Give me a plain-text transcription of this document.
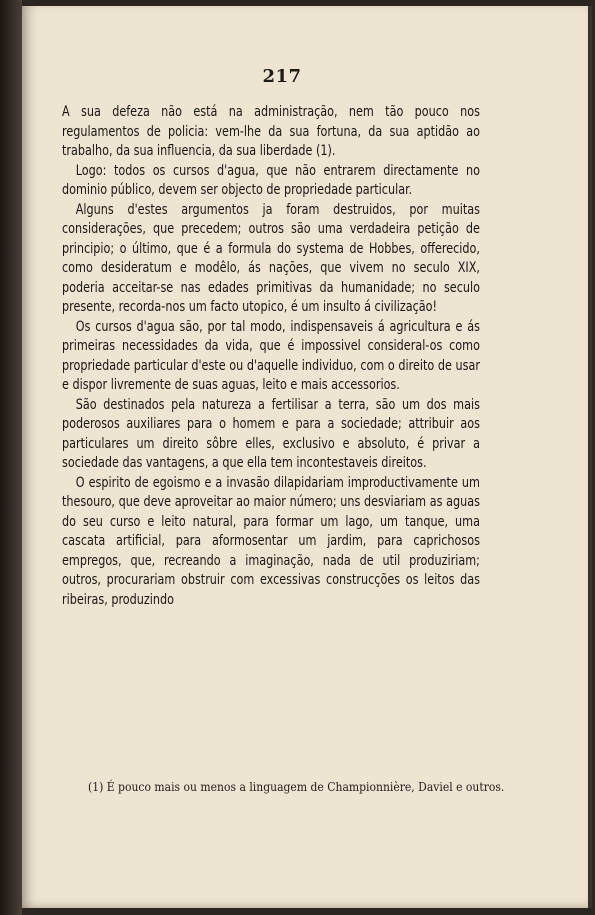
217

A sua defeza não está na administração, nem tão pouco nos regulamentos de policia: vem-lhe da sua fortuna, da sua aptidão ao trabalho, da sua influencia, da sua liberdade (1).

Logo: todos os cursos d'agua, que não entrarem directamente no dominio público, devem ser objecto de propriedade particular.

Alguns d'estes argumentos ja foram destruidos, por muitas considerações, que precedem; outros são uma verdadeira petição de principio; o último, que é a formula do systema de Hobbes, offerecido, como desideratum e modêlo, ás nações, que vivem no seculo XIX, poderia acceitar-se nas edades primitivas da humanidade; no seculo presente, recorda-nos um facto utopico, é um insulto á civilização!

Os cursos d'agua são, por tal modo, indispensaveis á agricultura e ás primeiras necessidades da vida, que é impossivel consideral-os como propriedade particular d'este ou d'aquelle individuo, com o direito de usar e dispor livremente de suas aguas, leito e mais accessorios.

São destinados pela natureza a fertilisar a terra, são um dos mais poderosos auxiliares para o homem e para a sociedade; attribuir aos particulares um direito sôbre elles, exclusivo e absoluto, é privar a sociedade das vantagens, a que ella tem incontestaveis direitos.

O espirito de egoismo e a invasão dilapidariam improductivamente um thesouro, que deve aproveitar ao maior número; uns desviariam as aguas do seu curso e leito natural, para formar um lago, um tanque, uma cascata artificial, para aformosentar um jardim, para caprichosos empregos, que, recreando a imaginação, nada de util produziriam; outros, procurariam obstruir com excessivas construcções os leitos das ribeiras, produzindo

(1) É pouco mais ou menos a linguagem de Championnière, Daviel e outros.
